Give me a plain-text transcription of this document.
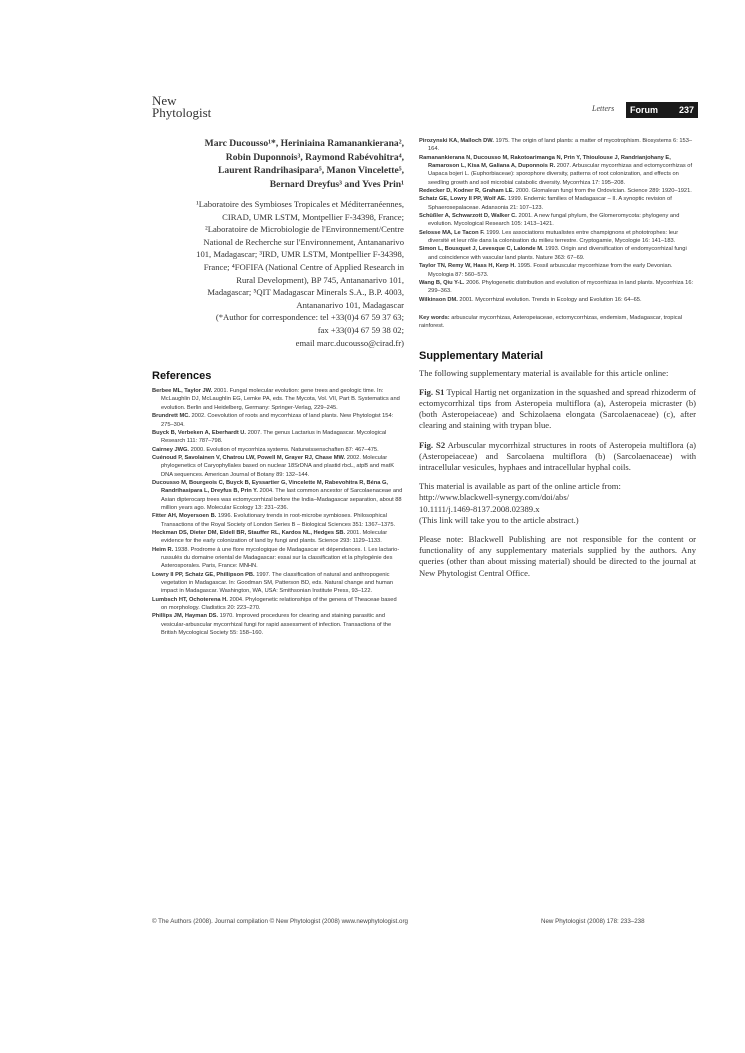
New
Phytologist	Letters Forum 237
Marc Ducousso¹*, Heriniaina Ramanankierana²,
Robin Duponnois³, Raymond Rabévohitra⁴,
Laurent Randrihasipara⁵, Manon Vincelette⁵,
Bernard Dreyfus³ and Yves Prin¹

¹Laboratoire des Symbioses Tropicales et Méditerranéennes,

CIRAD, UMR LSTM, Montpellier F-34398, France;

²Laboratoire de Microbiologie de l'Environnement/Centre

National de Recherche sur l'Environnement, Antananarivo

101, Madagascar; ³IRD, UMR LSTM, Montpellier F-34398,

France; ⁴FOFIFA (National Centre of Applied Research in

Rural Development), BP 745, Antananarivo 101,

Madagascar; ⁵QIT Madagascar Minerals S.A., B.P. 4003,

Antananarivo 101, Madagascar

(*Author for correspondence: tel +33(0)4 67 59 37 63;

fax +33(0)4 67 59 38 02;

email marc.ducousso@cirad.fr)

References

Berbee ML, Taylor JW. 2001. Fungal molecular evolution: gene trees and geologic time. In: McLaughlin DJ, McLaughlin EG, Lemke PA, eds. The Mycota, Vol. VII, Part B. Systematics and evolution. Berlin and Heidelberg, Germany: Springer-Verlag, 229–245.

Brundrett MC. 2002. Coevolution of roots and mycorrhizas of land plants. New Phytologist 154: 275–304.

Buyck B, Verbeken A, Eberhardt U. 2007. The genus Lactarius in Madagascar. Mycological Research 111: 787–798.

Cairney JWG. 2000. Evolution of mycorrhiza systems. Naturwissenschaften 87: 467–475.

Cuénoud P, Savolainen V, Chatrou LW, Powell M, Grayer RJ, Chase MW. 2002. Molecular phylogenetics of Caryophyllales based on nuclear 18SrDNA and plastid rbcL, atpB and matK DNA sequences. American Journal of Botany 89: 132–144.

Ducousso M, Bourgeois C, Buyck B, Eyssartier G, Vincelette M, Rabevohitra R, Béna G, Randrihasipara L, Dreyfus B, Prin Y. 2004. The last common ancestor of Sarcolaenaceae and Asian dipterocarp trees was ectomycorrhizal before the India–Madagascar separation, about 88 million years ago. Molecular Ecology 13: 231–236.

Fitter AH, Moyersoen B. 1996. Evolutionary trends in root-microbe symbioses. Philosophical Transactions of the Royal Society of London Series B – Biological Sciences 351: 1367–1375.

Heckman DS, Dieter DM, Eidell BR, Stauffer RL, Kardos NL, Hedges SB. 2001. Molecular evidence for the early colonization of land by fungi and plants. Science 293: 1129–1133.

Heim R. 1938. Prodrome à une flore mycologique de Madagascar et dépendances. I. Les lactario-russulés du domaine oriental de Madagascar: essai sur la classification et la phylogénie des Asterosporales. Paris, France: MNHN.

Lowry II PP, Schatz GE, Phillipson PB. 1997. The classification of natural and anthropogenic vegetation in Madagascar. In: Goodman SM, Patterson BD, eds. Natural change and human impact in Madagascar. Washington, WA, USA: Smithsonian Institute Press, 93–122.

Lumbsch HT, Ochoterena H. 2004. Phylogenetic relationships of the genera of Theaceae based on morphology. Cladistics 20: 223–270.

Phillips JM, Hayman DS. 1970. Improved procedures for clearing and staining parasitic and vesicular-arbuscular mycorrhizal fungi for rapid assessment of infection. Transactions of the British Mycological Society 55: 158–160.

Pirozynski KA, Malloch DW. 1975. The origin of land plants: a matter of mycotrophism. Biosystems 6: 153–164.

Ramanankierana N, Ducousso M, Rakotoarimanga N, Prin Y, Thioulouse J, Randrianjohany E, Ramaroson L, Kisa M, Galiana A, Duponnois R. 2007. Arbuscular mycorrhizas and ectomycorrhizas of Uapaca bojeri L. (Euphorbiaceae): sporophore diversity, patterns of root colonization, and effects on seedling growth and soil microbial catabolic diversity. Mycorrhiza 17: 195–208.

Redecker D, Kodner R, Graham LE. 2000. Glomalean fungi from the Ordovician. Science 289: 1920–1921.

Schatz GE, Lowry II PP, Wolf AE. 1999. Endemic families of Madagascar – II. A synoptic revision of Sphaerosepalaceae. Adansonia 21: 107–123.

Schüßler A, Schwarzott D, Walker C. 2001. A new fungal phylum, the Glomeromycota: phylogeny and evolution. Mycological Research 105: 1413–1421.

Selosse MA, Le Tacon F. 1999. Les associations mutualistes entre champignons et phototrophes: leur diversité et leur rôle dans la colonisation du milieu terrestre. Cryptogamie, Mycologie 16: 141–183.

Simon L, Bousquet J, Levesque C, Lalonde M. 1993. Origin and diversification of endomycorrhizal fungi and coincidence with vascular land plants. Nature 363: 67–69.

Taylor TN, Remy W, Hass H, Kerp H. 1995. Fossil arbuscular mycorrhizae from the early Devonian. Mycologia 87: 560–573.

Wang B, Qiu Y-L. 2006. Phylogenetic distribution and evolution of mycorrhizas in land plants. Mycorrhiza 16: 299–363.

Wilkinson DM. 2001. Mycorrhizal evolution. Trends in Ecology and Evolution 16: 64–65.

Key words: arbuscular mycorrhizas, Asteropeiaceae, ectomycorrhizas, endemism, Madagascar, tropical rainforest.
Supplementary Material

The following supplementary material is available for this article online:

Fig. S1 Typical Hartig net organization in the squashed and spread rhizoderm of ectomycorrhizal tips from Asteropeia multiflora (a), Asteropeia micraster (b) (both Asteropeiaceae) and Schizolaena elongata (Sarcolaenaceae) (c), after clearing and staining with trypan blue.

Fig. S2 Arbuscular mycorrhizal structures in roots of Asteropeia multiflora (a) (Asteropeiaceae) and Sarcolaena multiflora (b) (Sarcolaenaceae) with intracellular vesicules, hyphaes and intracellular hyphal coils.

This material is available as part of the online article from:
http://www.blackwell-synergy.com/doi/abs/
10.1111/j.1469-8137.2008.02389.x
(This link will take you to the article abstract.)

Please note: Blackwell Publishing are not responsible for the content or functionality of any supplementary materials supplied by the authors. Any queries (other than about missing material) should be directed to the journal at New Phytologist Central Office.

© The Authors (2008). Journal compilation © New Phytologist (2008) www.newphytologist.org	New Phytologist (2008) 178: 233–238
